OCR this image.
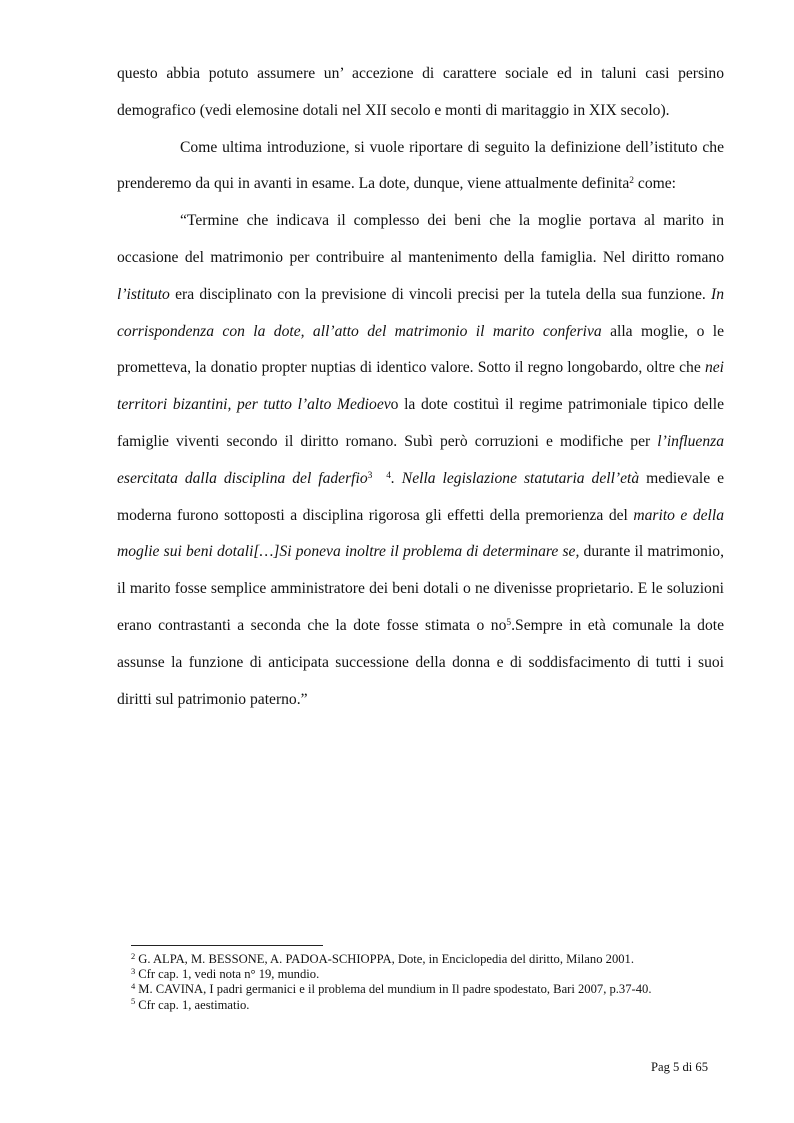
questo abbia potuto assumere un’ accezione di carattere sociale ed in taluni casi persino demografico (vedi elemosine dotali nel XII secolo e monti di maritaggio in XIX secolo).

Come ultima introduzione, si vuole riportare di seguito la definizione dell’istituto che prenderemo da qui in avanti in esame. La dote, dunque, viene attualmente definita$^2$ come:

“Termine che indicava il complesso dei beni che la moglie portava al marito in occasione del matrimonio per contribuire al mantenimento della famiglia. Nel diritto romano l’istituto era disciplinato con la previsione di vincoli precisi per la tutela della sua funzione. In corrispondenza con la dote, all’atto del matrimonio il marito conferiva alla moglie, o le prometteva, la donatio propter nuptias di identico valore. Sotto il regno longobardo, oltre che nei territori bizantini, per tutto l’alto Medioevo la dote costituì il regime patrimoniale tipico delle famiglie viventi secondo il diritto romano. Subì però corruzioni e modifiche per l’influenza esercitata dalla disciplina del faderfio$^3$ $^4$. Nella legislazione statutaria dell’età medievale e moderna furono sottoposti a disciplina rigorosa gli effetti della premorienza del marito e della moglie sui beni dotali[…]Si poneva inoltre il problema di determinare se, durante il matrimonio, il marito fosse semplice amministratore dei beni dotali o ne divenisse proprietario. E le soluzioni erano contrastanti a seconda che la dote fosse stimata o $no^5.Sempre$ in età comunale la dote assunse la funzione di anticipata successione della donna e di soddisfacimento di tutti i suoi diritti sul patrimonio paterno.”

$^2$ G. ALPA, M. BESSONE, A. PADOA-SCHIOPPA, Dote, in Enciclopedia del diritto, Milano 2001.
$^3$ Cfr cap. 1, vedi nota n° 19, mundio.
$^4$ M. CAVINA, I padri germanici e il problema del mundium in Il padre spodestato, Bari 2007, p.37-40.
$^5$ Cfr cap. 1, aestimatio.
Pag 5 di 65
